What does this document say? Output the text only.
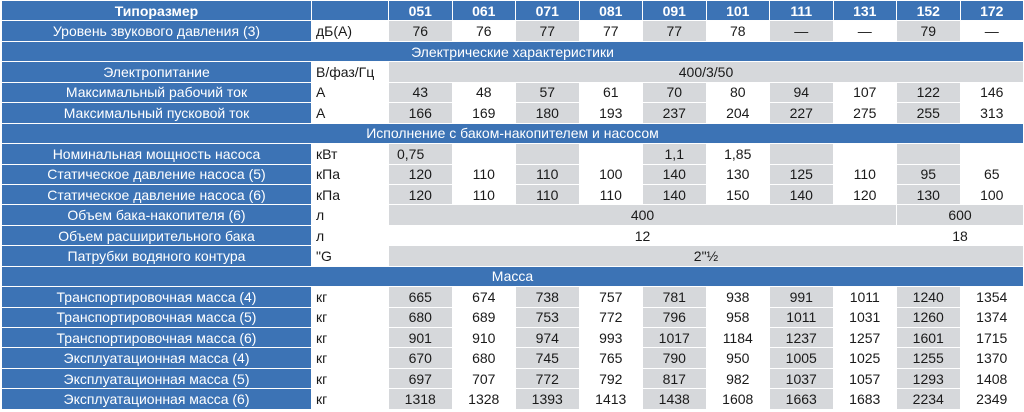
Типоразмер		051	061	071	081	091	101	111	131	152	172
Уровень звукового давления (3)	дБ(А)	76	76	77	77	77	78	—	—	79	—
Электрические характеристики											
Электропитание	В/фаз/Гц	400/3/50									
Максимальный рабочий ток	А	43	48	57	61	70	80	94	107	122	146
Максимальный пусковой ток	А	166	169	180	193	237	204	227	275	255	313
Исполнение с баком-накопителем и насосом											
Номинальная мощность насоса	кВт	0,75				1,1	1,85				
Статическое давление насоса (5)	кПа	120	110	110	100	140	130	125	110	95	65
Статическое давление насоса (6)	кПа	120	110	110	110	140	150	140	120	130	100
Объем бака-накопителя (6)	л	400								600	
Объем расширительного бака	л	12								18	
Патрубки водяного контура	"G	2"½									
Масса											
Транспортировочная масса (4)	кг	665	674	738	757	781	938	991	1011	1240	1354
Транспортировочная масса (5)	кг	680	689	753	772	796	958	1011	1031	1260	1374
Транспортировочная масса (6)	кг	901	910	974	993	1017	1184	1237	1257	1601	1715
Эксплуатационная масса (4)	кг	670	680	745	765	790	950	1005	1025	1255	1370
Эксплуатационная масса (5)	кг	697	707	772	792	817	982	1037	1057	1293	1408
Эксплуатационная масса (6)	кг	1318	1328	1393	1413	1438	1608	1663	1683	2234	2349
